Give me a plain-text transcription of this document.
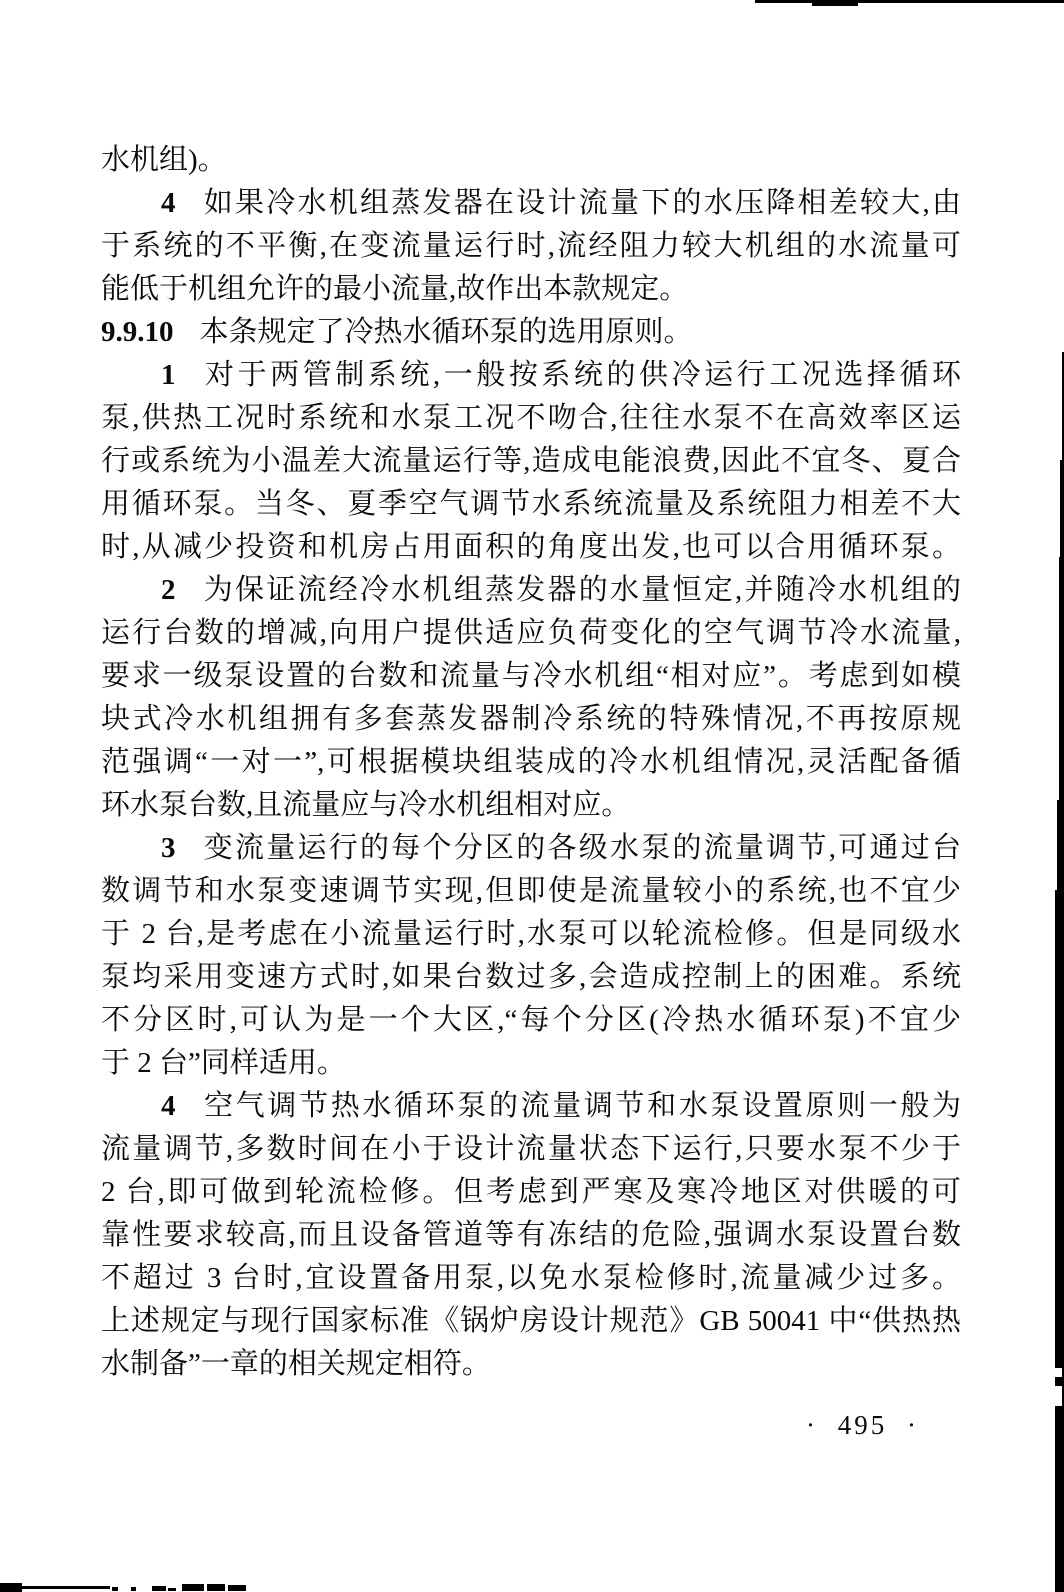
水机组)。
4 如果冷水机组蒸发器在设计流量下的水压降相差较大,由
于系统的不平衡,在变流量运行时,流经阻力较大机组的水流量可
能低于机组允许的最小流量,故作出本款规定。
9.9.10 本条规定了冷热水循环泵的选用原则。
1 对于两管制系统,一般按系统的供冷运行工况选择循环
泵,供热工况时系统和水泵工况不吻合,往往水泵不在高效率区运
行或系统为小温差大流量运行等,造成电能浪费,因此不宜冬、夏合
用循环泵。当冬、夏季空气调节水系统流量及系统阻力相差不大
时,从减少投资和机房占用面积的角度出发,也可以合用循环泵。
2 为保证流经冷水机组蒸发器的水量恒定,并随冷水机组的
运行台数的增减,向用户提供适应负荷变化的空气调节冷水流量,
要求一级泵设置的台数和流量与冷水机组“相对应”。考虑到如模
块式冷水机组拥有多套蒸发器制冷系统的特殊情况,不再按原规
范强调“一对一”,可根据模块组装成的冷水机组情况,灵活配备循
环水泵台数,且流量应与冷水机组相对应。
3 变流量运行的每个分区的各级水泵的流量调节,可通过台
数调节和水泵变速调节实现,但即使是流量较小的系统,也不宜少
于 2 台,是考虑在小流量运行时,水泵可以轮流检修。但是同级水
泵均采用变速方式时,如果台数过多,会造成控制上的困难。系统
不分区时,可认为是一个大区,“每个分区(冷热水循环泵)不宜少
于 2 台”同样适用。
4 空气调节热水循环泵的流量调节和水泵设置原则一般为
流量调节,多数时间在小于设计流量状态下运行,只要水泵不少于
2 台,即可做到轮流检修。但考虑到严寒及寒冷地区对供暖的可
靠性要求较高,而且设备管道等有冻结的危险,强调水泵设置台数
不超过 3 台时,宜设置备用泵,以免水泵检修时,流量减少过多。
上述规定与现行国家标准《锅炉房设计规范》GB 50041 中“供热热
水制备”一章的相关规定相符。
· 495 ·
